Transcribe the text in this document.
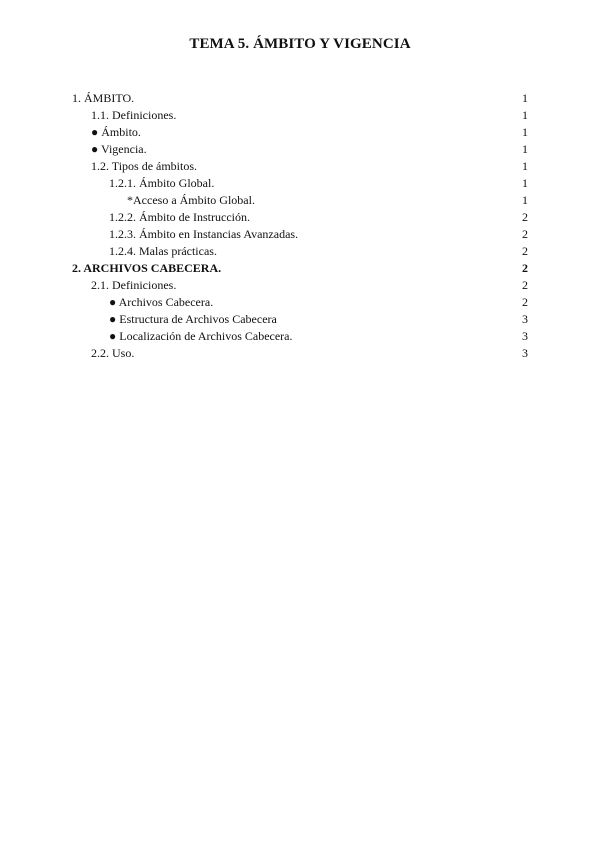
TEMA 5. ÁMBITO Y VIGENCIA
1. ÁMBITO.	1
1.1. Definiciones.	1
● Ámbito.	1
● Vigencia.	1
1.2. Tipos de ámbitos.	1
1.2.1. Ámbito Global.	1
*Acceso a Ámbito Global.	1
1.2.2. Ámbito de Instrucción.	2
1.2.3. Ámbito en Instancias Avanzadas.	2
1.2.4. Malas prácticas.	2
2. ARCHIVOS CABECERA.	2
2.1. Definiciones.	2
● Archivos Cabecera.	2
● Estructura de Archivos Cabecera	3
● Localización de Archivos Cabecera.	3
2.2. Uso.	3
